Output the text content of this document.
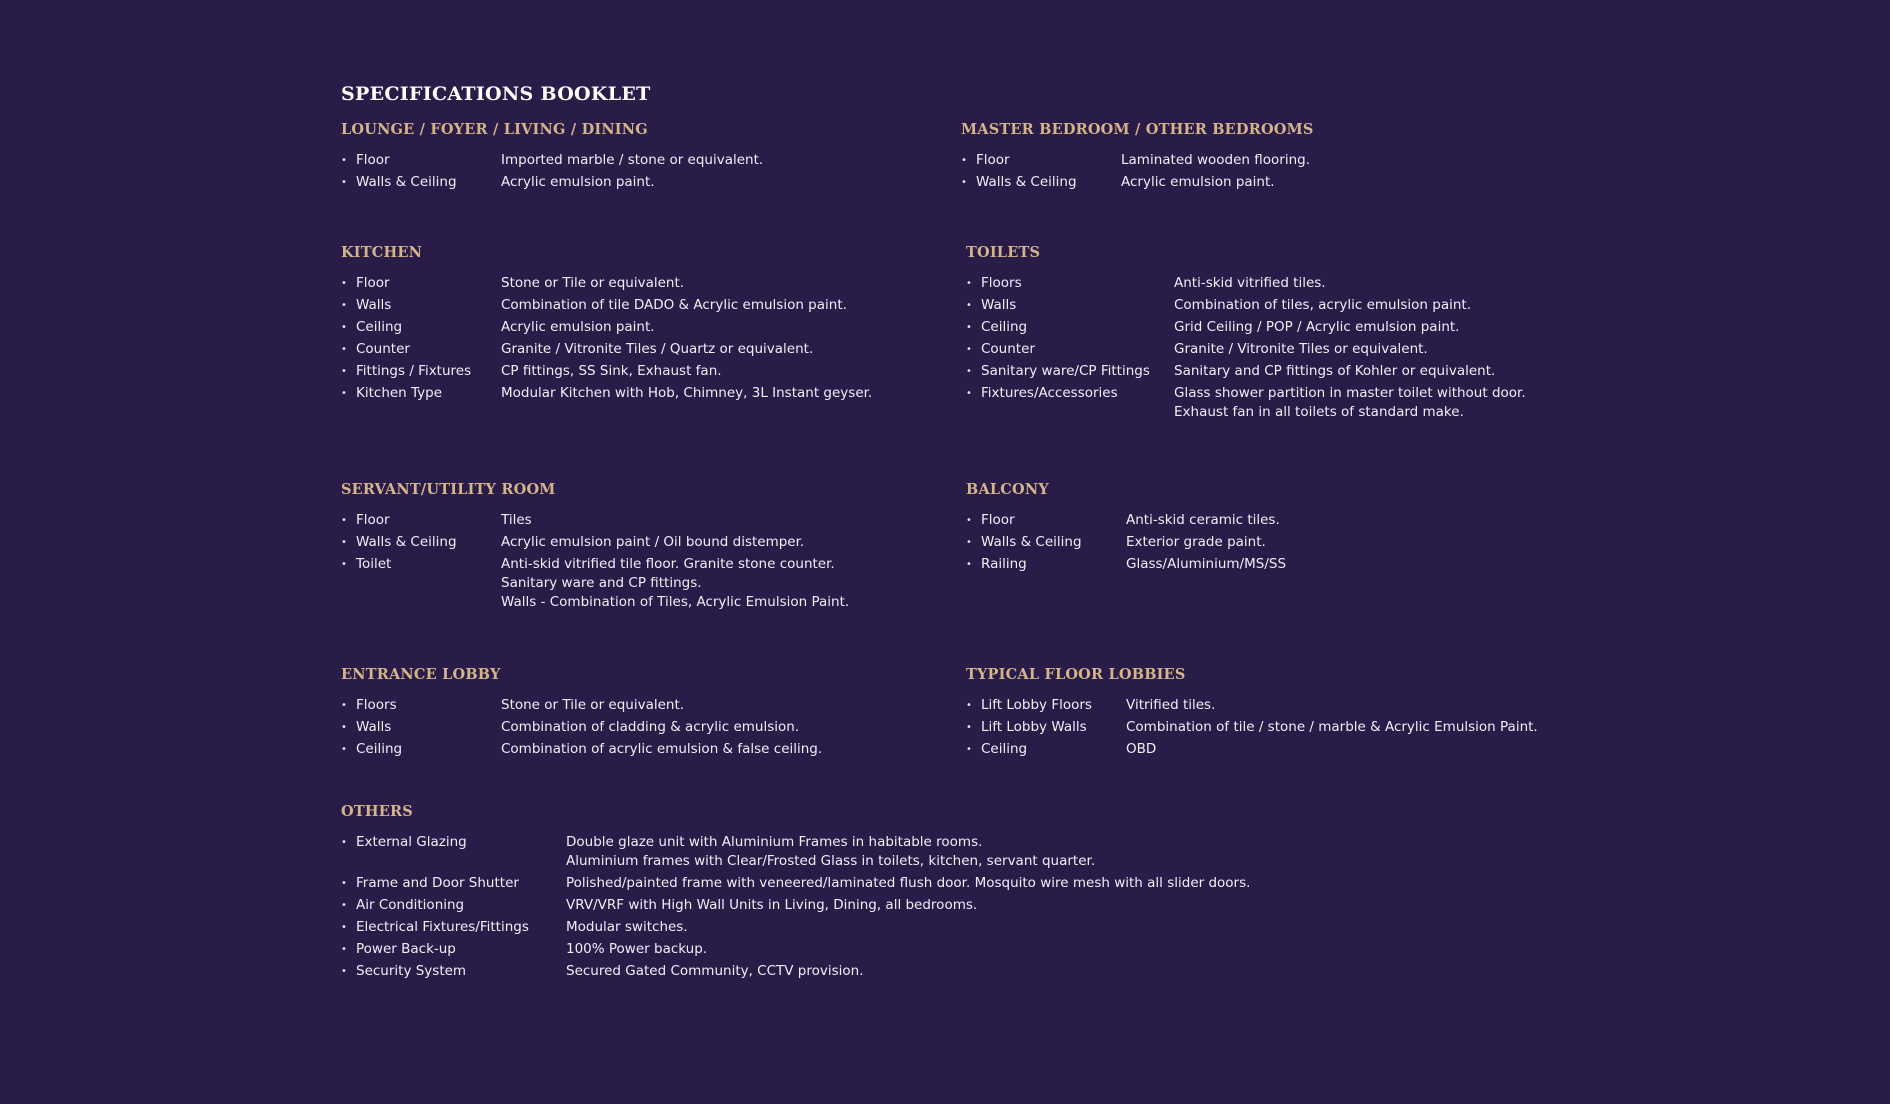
SPECIFICATIONS BOOKLET
LOUNGE / FOYER / LIVING / DINING
• Floor	Imported marble / stone or equivalent.
• Walls & Ceiling	Acrylic emulsion paint.
MASTER BEDROOM / OTHER BEDROOMS
• Floor	Laminated wooden flooring.
• Walls & Ceiling	Acrylic emulsion paint.
KITCHEN
• Floor	Stone or Tile or equivalent.
• Walls	Combination of tile DADO & Acrylic emulsion paint.
• Ceiling	Acrylic emulsion paint.
• Counter	Granite / Vitronite Tiles / Quartz or equivalent.
• Fittings / Fixtures	CP fittings, SS Sink, Exhaust fan.
• Kitchen Type	Modular Kitchen with Hob, Chimney, 3L Instant geyser.
TOILETS
• Floors	Anti-skid vitrified tiles.
• Walls	Combination of tiles, acrylic emulsion paint.
• Ceiling	Grid Ceiling / POP / Acrylic emulsion paint.
• Counter	Granite / Vitronite Tiles or equivalent.
• Sanitary ware/CP Fittings	Sanitary and CP fittings of Kohler or equivalent.
• Fixtures/Accessories	Glass shower partition in master toilet without door.
Exhaust fan in all toilets of standard make.
SERVANT/UTILITY ROOM
• Floor	Tiles
• Walls & Ceiling	Acrylic emulsion paint / Oil bound distemper.
• Toilet	Anti-skid vitrified tile floor. Granite stone counter.
Sanitary ware and CP fittings.
Walls - Combination of Tiles, Acrylic Emulsion Paint.
BALCONY
• Floor	Anti-skid ceramic tiles.
• Walls & Ceiling	Exterior grade paint.
• Railing	Glass/Aluminium/MS/SS
ENTRANCE LOBBY
• Floors	Stone or Tile or equivalent.
• Walls	Combination of cladding & acrylic emulsion.
• Ceiling	Combination of acrylic emulsion & false ceiling.
TYPICAL FLOOR LOBBIES
• Lift Lobby Floors	Vitrified tiles.
• Lift Lobby Walls	Combination of tile / stone / marble & Acrylic Emulsion Paint.
• Ceiling	OBD
OTHERS
• External Glazing	Double glaze unit with Aluminium Frames in habitable rooms.
Aluminium frames with Clear/Frosted Glass in toilets, kitchen, servant quarter.
• Frame and Door Shutter	Polished/painted frame with veneered/laminated flush door. Mosquito wire mesh with all slider doors.
• Air Conditioning	VRV/VRF with High Wall Units in Living, Dining, all bedrooms.
• Electrical Fixtures/Fittings	Modular switches.
• Power Back-up	100% Power backup.
• Security System	Secured Gated Community, CCTV provision.
